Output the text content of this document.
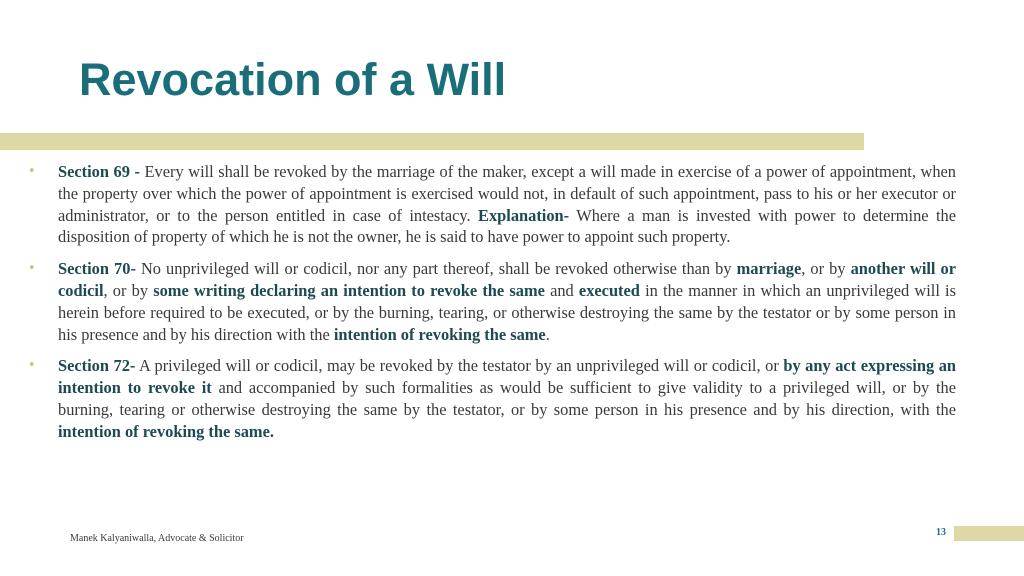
Revocation of a Will
• Section 69 - Every will shall be revoked by the marriage of the maker, except a will made in exercise of a power of appointment, when the property over which the power of appointment is exercised would not, in default of such appointment, pass to his or her executor or administrator, or to the person entitled in case of intestacy. Explanation- Where a man is invested with power to determine the disposition of property of which he is not the owner, he is said to have power to appoint such property.
• Section 70- No unprivileged will or codicil, nor any part thereof, shall be revoked otherwise than by marriage, or by another will or codicil, or by some writing declaring an intention to revoke the same and executed in the manner in which an unprivileged will is herein before required to be executed, or by the burning, tearing, or otherwise destroying the same by the testator or by some person in his presence and by his direction with the intention of revoking the same.
• Section 72- A privileged will or codicil, may be revoked by the testator by an unprivileged will or codicil, or by any act expressing an intention to revoke it and accompanied by such formalities as would be sufficient to give validity to a privileged will, or by the burning, tearing or otherwise destroying the same by the testator, or by some person in his presence and by his direction, with the intention of revoking the same.
Manek Kalyaniwalla, Advocate & Solicitor
13
